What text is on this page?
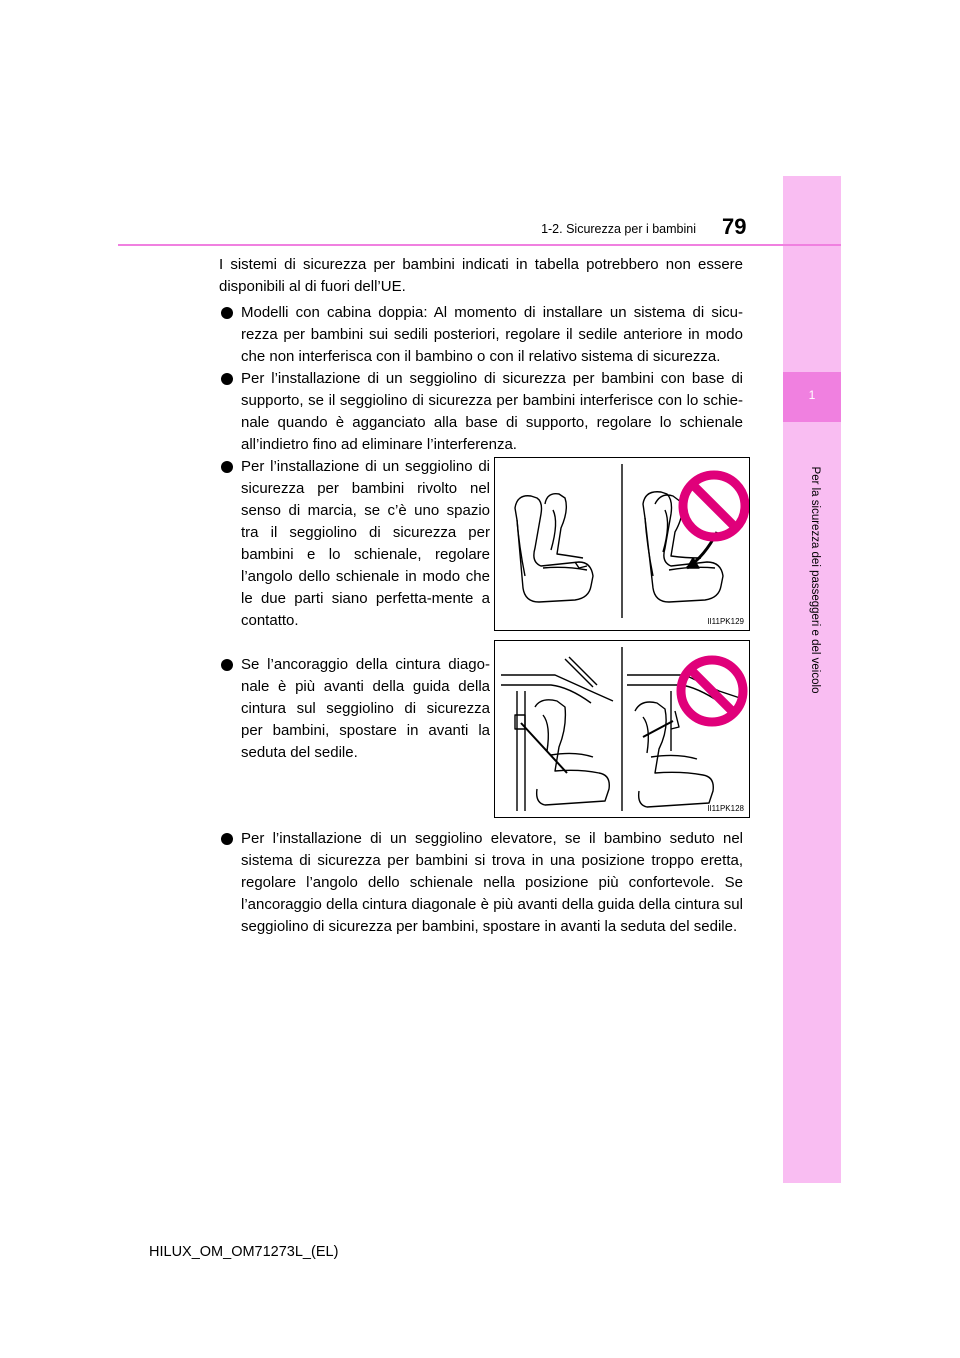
1
Per la sicurezza dei passeggeri e del veicolo
1-2. Sicurezza per i bambini 79
I sistemi di sicurezza per bambini indicati in tabella potrebbero non essere disponibili al di fuori dell’UE.
Modelli con cabina doppia: Al momento di installare un sistema di sicu-rezza per bambini sui sedili posteriori, regolare il sedile anteriore in modo che non interferisca con il bambino o con il relativo sistema di sicurezza.
Per l’installazione di un seggiolino di sicurezza per bambini con base di supporto, se il seggiolino di sicurezza per bambini interferisce con lo schie-nale quando è agganciato alla base di supporto, regolare lo schienale all’indietro fino ad eliminare l’interferenza.
Per l’installazione di un seggiolino di sicurezza per bambini rivolto nel senso di marcia, se c’è uno spazio tra il seggiolino di sicurezza per bambini e lo schienale, regolare l’angolo dello schienale in modo che le due parti siano perfetta-mente a contatto.
Se l’ancoraggio della cintura diago-nale è più avanti della guida della cintura sul seggiolino di sicurezza per bambini, spostare in avanti la seduta del sedile.
Per l’installazione di un seggiolino elevatore, se il bambino seduto nel sistema di sicurezza per bambini si trova in una posizione troppo eretta, regolare l’angolo dello schienale nella posizione più confortevole. Se l’ancoraggio della cintura diagonale è più avanti della guida della cintura sul seggiolino di sicurezza per bambini, spostare in avanti la seduta del sedile.
II11PK129
II11PK128
HILUX_OM_OM71273L_(EL)
